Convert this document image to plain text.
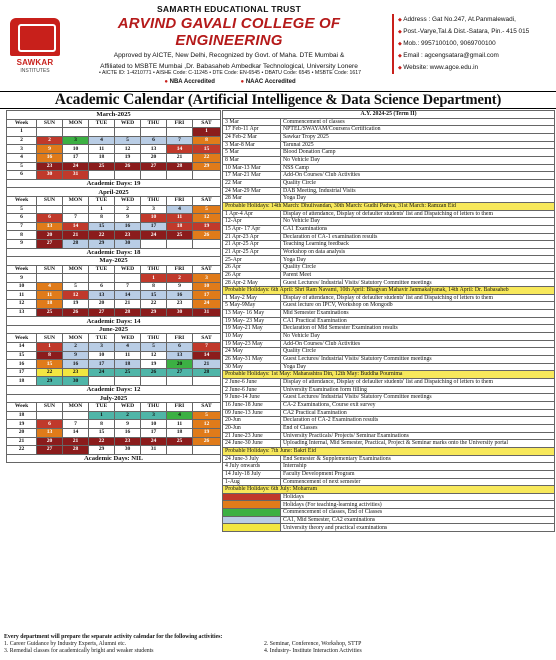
SAWKAR
INSTITUTES
SAMARTH EDUCATIONAL TRUST
ARVIND GAVALI COLLEGE OF ENGINEERING
Approved by AICTE, New Delhi, Recognized by Govt. of Maha. DTE Mumbai &
Affiliated to MSBTE Mumbai ,Dr. Babasaheb Ambedkar Technological, University Lonere
• AICTE ID: 1-4210771 • AISHE Code: C-11245 • DTE Code: EN-6545 • DBATU Code: 6545 • MSBTE Code: 1617
● NBA Accredited	● NAAC Accredited
◆ Address : Gat No.247, At.Panmalewadi,
◆ Post.-Varye,Tal.& Dist.-Satara, Pin.- 415 015
◆ Mob.: 9957100100, 9069700100
◆ Email : agcengsatara@gmail.com
◆ Website: www.agce.edu.in
Academic Calendar (Artificial Intelligence & Data Science Department)
March-2025							
Week	SUN	MON	TUE	WED	THU	FRI	SAT
1							1
2	2	3	4	5	6	7	8
3	9	10	11	12	13	14	15
4	16	17	18	19	20	21	22
5	23	24	25	26	27	28	29
6	30	31					
Academic Days: 19							
April-2025							
Week	SUN	MON	TUE	WED	THU	FRI	SAT
5			1	2	3	4	5
6	6	7	8	9	10	11	12
7	13	14	15	16	17	18	19
8	20	21	22	23	24	25	26
9	27	28	29	30			
Academic Days: 18							
May-2025							
Week	SUN	MON	TUE	WED	THU	FRI	SAT
9					1	2	3
10	4	5	6	7	8	9	10
11	11	12	13	14	15	16	17
12	18	19	20	21	22	23	24
13	25	26	27	28	29	30	31
Academic Days: 14							
June-2025							
Week	SUN	MON	TUE	WED	THU	FRI	SAT
14	1	2	3	4	5	6	7
15	8	9	10	11	12	13	14
16	15	16	17	18	19	20	21
17	22	23	24	25	26	27	28
18	29	30					
Academic Days: 12							
July-2025							
Week	SUN	MON	TUE	WED	THU	FRI	SAT
18			1	2	3	4	5
19	6	7	8	9	10	11	12
20	13	14	15	16	17	18	19
21	20	21	22	23	24	25	26
22	27	28	29	30	31		
Academic Days: NIL							
A.Y. 2024-25 (Term II)	
3 Mar	Commencement of classes
17 Feb-11 Apr	NPTEL/SWAYAM/Coursera Certification
24 Feb-2 Mar	Sawkar Tropy 2025
3 Mar-8 Mar	Tarunai 2025
5 Mar	Blood Donation Camp
8 Mar	No Vehicle Day
10 Mar-13 Mar	NSS Camp
17 Mar-21 Mar	Add-On Courses/ Club Activities
22 Mar	Quality Circle
24 Mar-29 Mar	DAB Meeting, Industrial Visits
28 Mar	Yoga Day
Probable Holidays: 14th March: Dhulivandan, 30th March: Gudhi Padwa, 31st March: Ramzan Eid	
1 Apr-4 Apr	Display of attendance, Display of defaulter students' list and Dispatching of letters to them
12-Apr	No Vehicle Day
15 Apr- 17 Apr	CA1 Examinations
21 Apr-23 Apr	Declaration of CA-1 examination results
21 Apr-25 Apr	Teaching Learning feedback
21 Apr-25 Apr	Workshop on data analysis
25-Apr	Yoga Day
26 Apr	Quality Circle
26 Apr	Parent Meet
28 Apr-2 May	Guest Lectures/ Industrial Visits/ Statutory Committee meetings
Probable Holidays: 6th April: Shri Ram Navami, 10th April: Bhagvan Mahavir Janmakalyanak, 14th April: Dr. Babasaheb	
1 May-2 May	Display of attendance, Display of defaulter students' list and Dispatching of letters to them
5 May-9May	Guest lecture on IPCV, Workshop on Mongodb
13 May- 16 May	Mid Semester Examinations
19 May- 23 May	CA1 Practical Examination
19 May-21 May	Declaration of Mid Semester Examination results
10 May	No Vehicle Day
19 May-23 May	Add-On Courses/ Club Activities
24 May	Quality Circle
26 May-31 May	Guest Lectures/ Industrial Visits/ Statutory Committee meetings
30 May	Yoga Day
Probable Holidays: 1st May: Maharashtra Din, 12th May: Buddha Pournima	
2 June-6 June	Display of attendance, Display of defaulter students' list and Dispatching of letters to them
2 June-6 June	University Examination form filling
9 June-14 June	Guest Lectures/ Industrial Visits/ Statutory Committee meetings
16 June-18 June	CA-2 Examinations, Course exit survey
09 June-13 June	CA2 Practical Examination
20-Jun	Declaration of CA-2 Examination results
20-Jun	End of Classes
21 June-23 June	University Practicals/ Projects/ Seminar Examinations
24 June-30 June	Uploading Internal, Mid Semester, Practical, Project & Seminar marks onto the University portal
Probable Holidays: 7th June: Bakri Eid	
24 June-3 July	End Semester & Supplementary Examinations
4 July onwards	Internship
14 July-18 July	Faculty Development Program
1-Aug	Commencement of next semester
Probable Holidays: 6th July: Moharram	
	Holidays
	Holidays (For teaching-learning activities)
	Commencement of classes, End of Classes
	CA1, Mid Semester, CA2 examinations
	University theory and practical examinations
Every department will prepare the separate activity calendar for the following activities:
1. Career Guidance by Industry Experts, Alumni etc.	2. Seminar, Conference, Workshop, STTP
3. Remedial classes for academically bright and weaker students	4. Industry- Institute Interaction Activities
